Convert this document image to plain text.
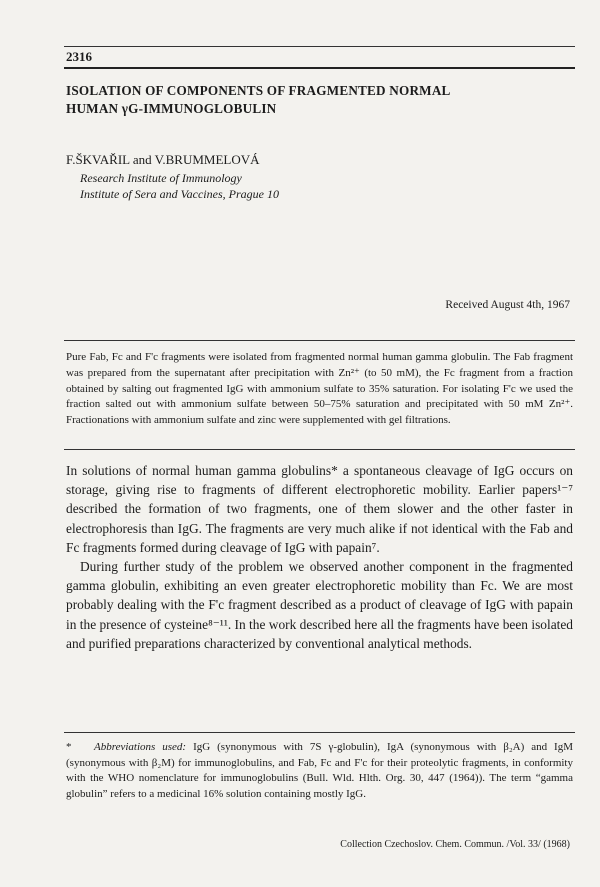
2316
ISOLATION OF COMPONENTS OF FRAGMENTED NORMAL HUMAN γG-IMMUNOGLOBULIN
F.ŠKVAŘIL and V.BRUMMELOVÁ
Research Institute of Immunology
Institute of Sera and Vaccines, Prague 10
Received August 4th, 1967

Pure Fab, Fc and F'c fragments were isolated from fragmented normal human gamma globulin. The Fab fragment was prepared from the supernatant after precipitation with Zn²⁺ (to 50 mM), the Fc fragment from a fraction obtained by salting out fragmented IgG with ammonium sulfate to 35% saturation. For isolating F'c we used the fraction salted out with ammonium sulfate between 50–75% saturation and precipitated with 50 mM Zn²⁺. Fractionations with ammonium sulfate and zinc were supplemented with gel filtrations.

In solutions of normal human gamma globulins* a spontaneous cleavage of IgG occurs on storage, giving rise to fragments of different electrophoretic mobility. Earlier papers¹⁻⁷ described the formation of two fragments, one of them slower and the other faster in electrophoresis than IgG. The fragments are very much alike if not identical with the Fab and Fc fragments formed during cleavage of IgG with papain⁷.

During further study of the problem we observed another component in the fragmented gamma globulin, exhibiting an even greater electrophoretic mobility than Fc. We are most probably dealing with the F'c fragment described as a product of cleavage of IgG with papain in the presence of cysteine⁸⁻¹¹. In the work described here all the fragments have been isolated and purified preparations characterized by conventional analytical methods.

* Abbreviations used: IgG (synonymous with 7S γ-globulin), IgA (synonymous with β₂A) and IgM (synonymous with β₂M) for immunoglobulins, and Fab, Fc and F'c for their proteolytic fragments, in conformity with the WHO nomenclature for immunoglobulins (Bull. Wld. Hlth. Org. 30, 447 (1964)). The term “gamma globulin” refers to a medicinal 16% solution containing mostly IgG.

Collection Czechoslov. Chem. Commun. /Vol. 33/ (1968)
